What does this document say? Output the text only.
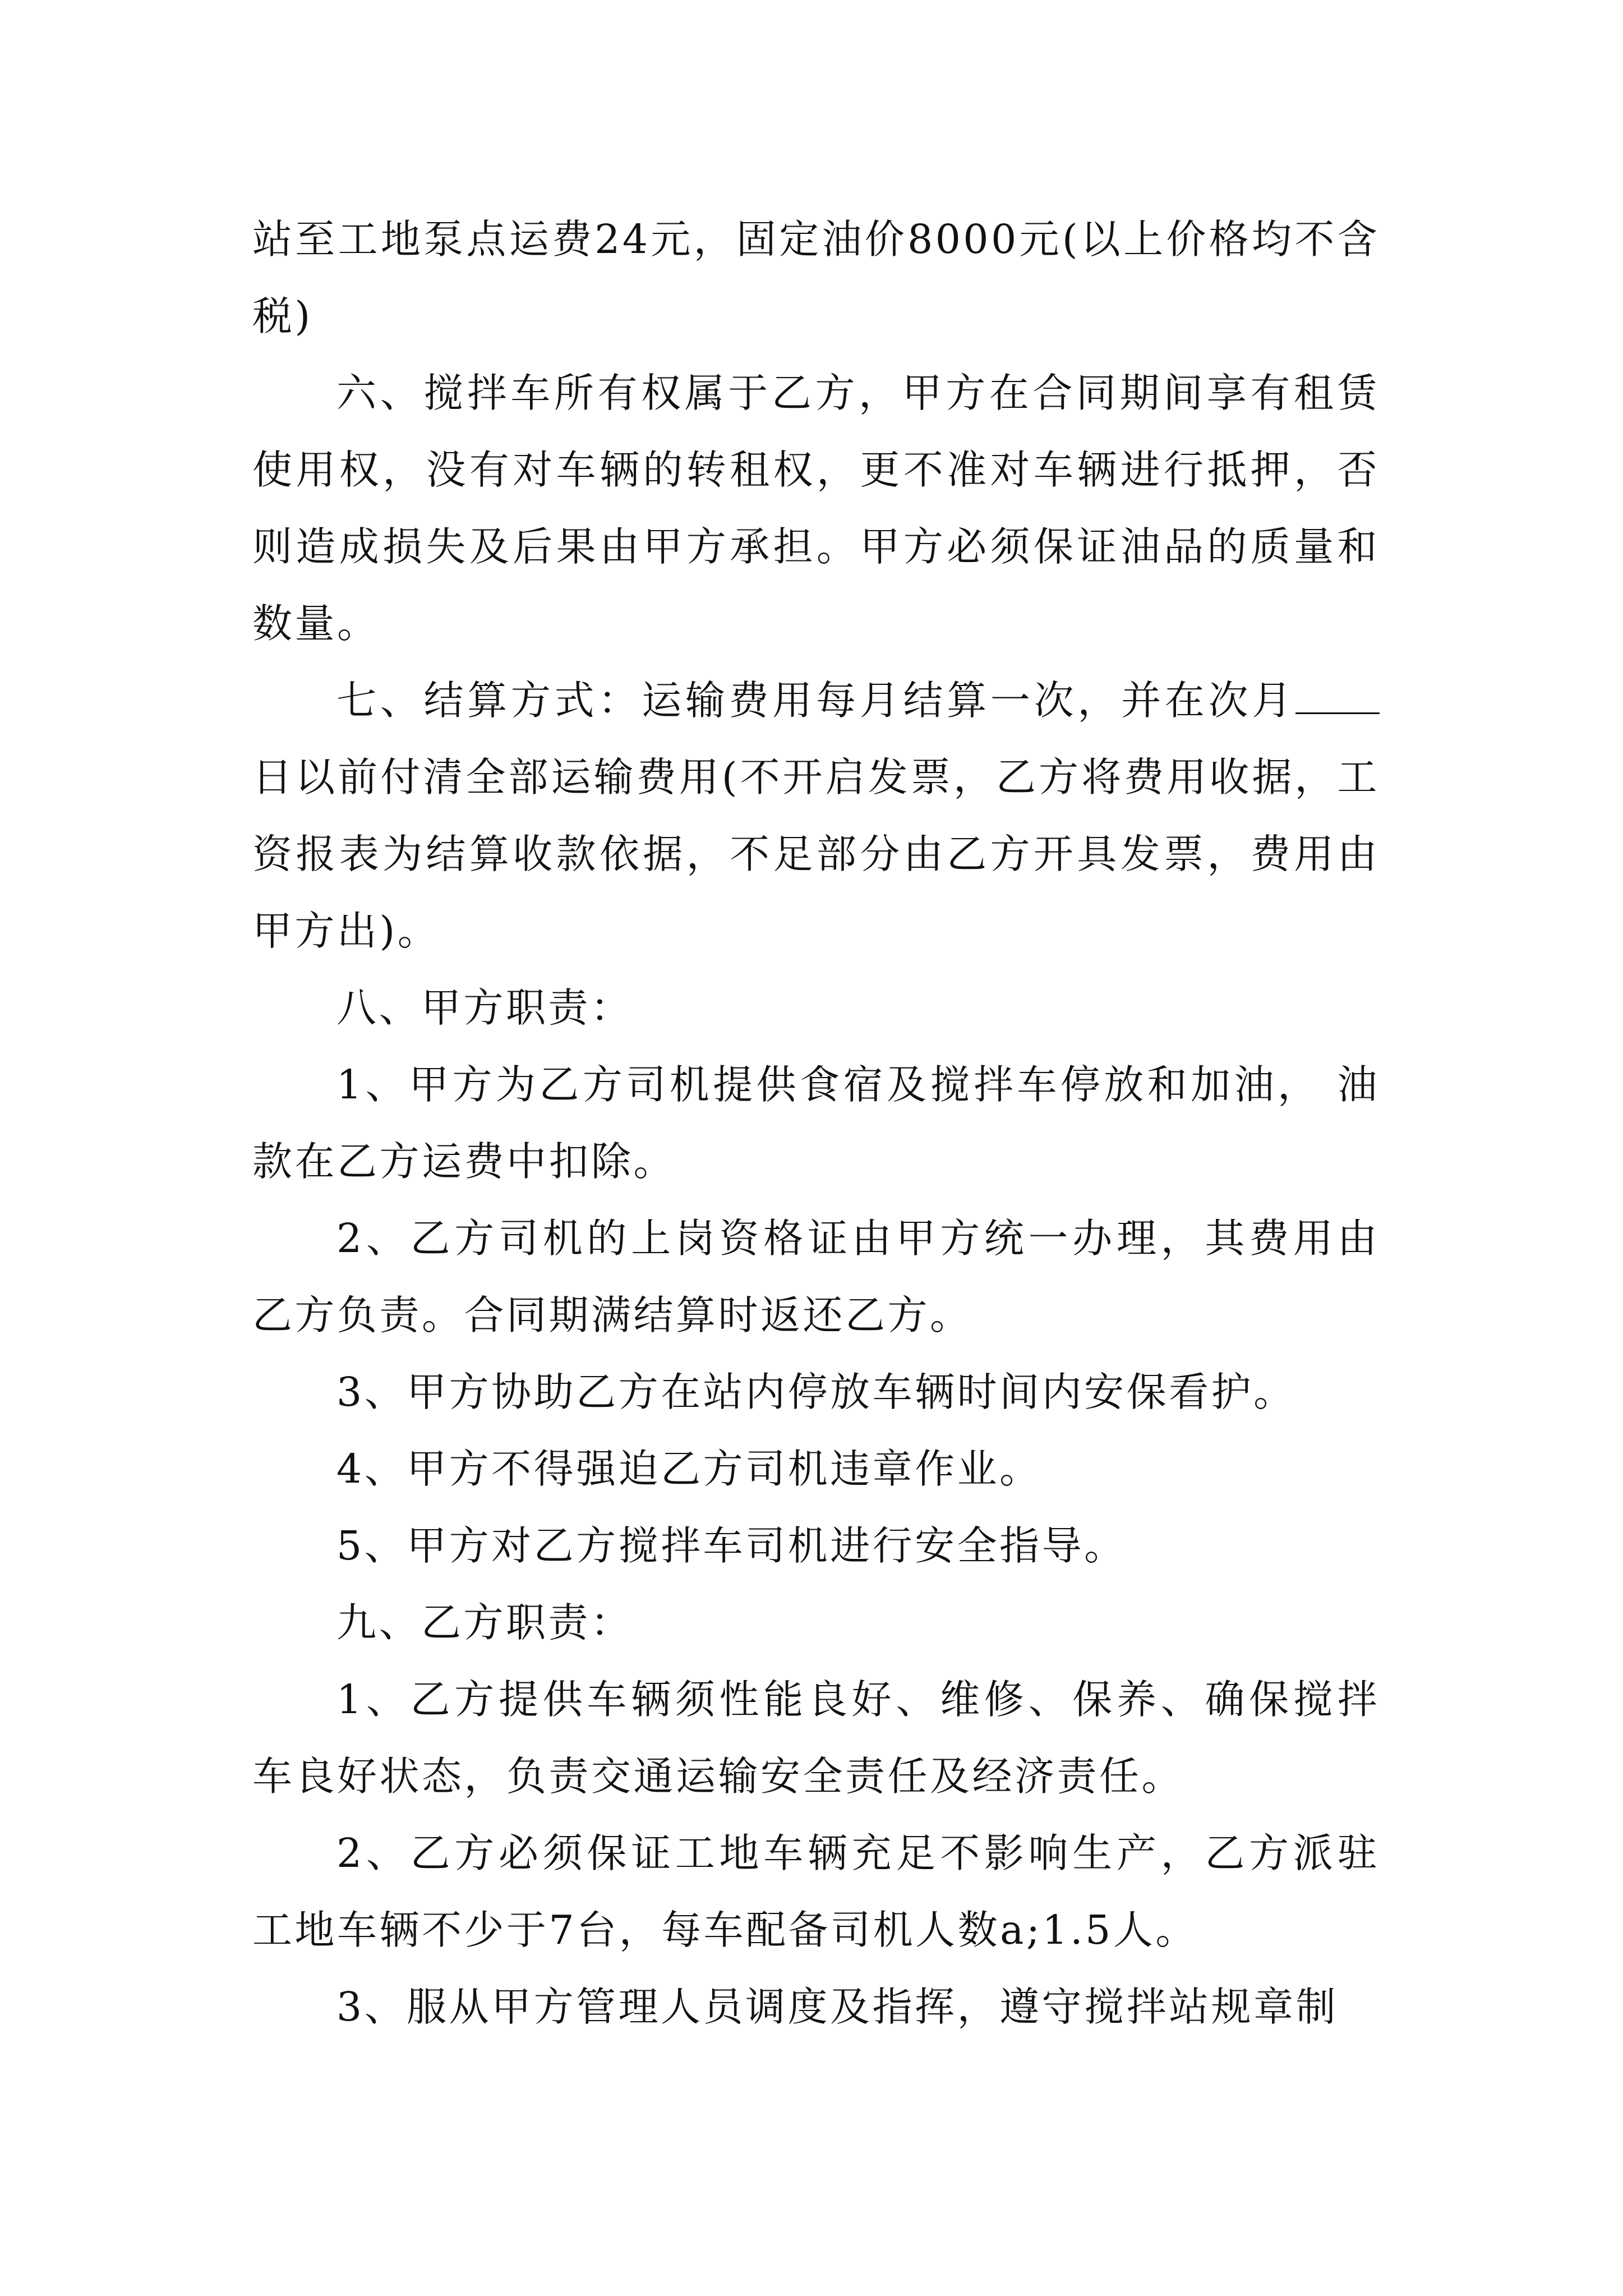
站至工地泵点运费24元，固定油价8000元(以上价格均不含税)

六、搅拌车所有权属于乙方，甲方在合同期间享有租赁使用权，没有对车辆的转租权，更不准对车辆进行抵押，否则造成损失及后果由甲方承担。甲方必须保证油品的质量和数量。

七、结算方式：运输费用每月结算一次，并在次月日以前付清全部运输费用(不开启发票，乙方将费用收据，工资报表为结算收款依据，不足部分由乙方开具发票，费用由甲方出)。

八、甲方职责：

1、甲方为乙方司机提供食宿及搅拌车停放和加油， 油款在乙方运费中扣除。

2、乙方司机的上岗资格证由甲方统一办理，其费用由乙方负责。合同期满结算时返还乙方。

3、甲方协助乙方在站内停放车辆时间内安保看护。

4、甲方不得强迫乙方司机违章作业。

5、甲方对乙方搅拌车司机进行安全指导。

九、乙方职责：

1、乙方提供车辆须性能良好、维修、保养、确保搅拌车良好状态，负责交通运输安全责任及经济责任。

2、乙方必须保证工地车辆充足不影响生产，乙方派驻工地车辆不少于7台，每车配备司机人数a;1.5人。

3、服从甲方管理人员调度及指挥，遵守搅拌站规章制
